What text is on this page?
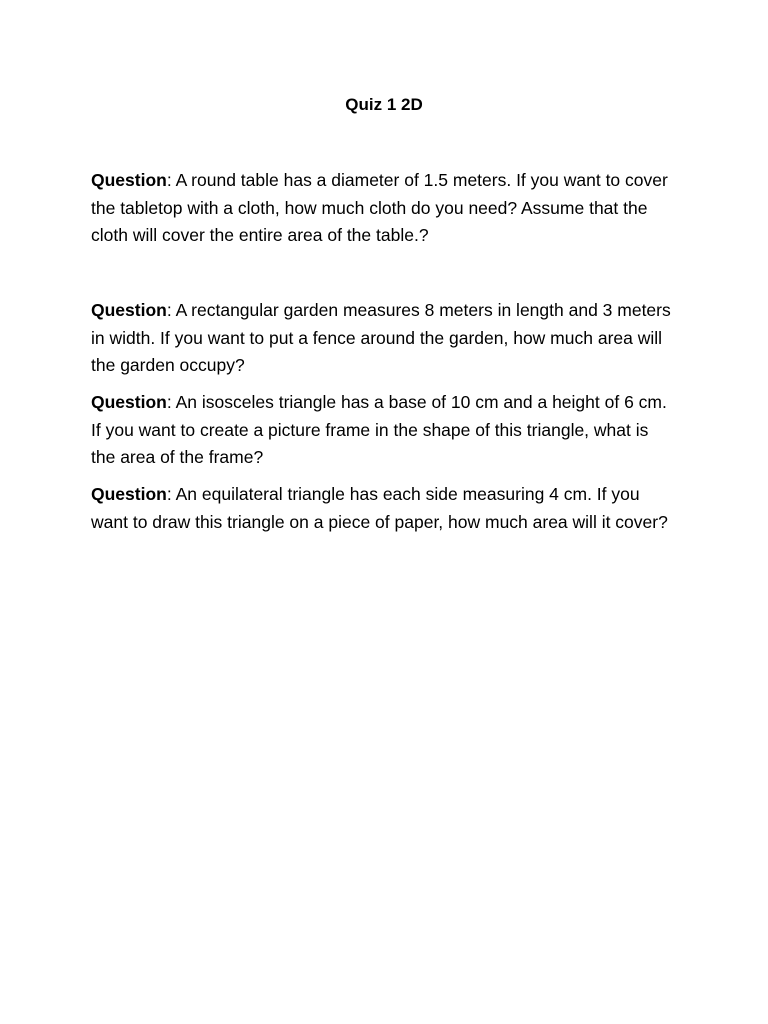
Quiz 1 2D

Question: A round table has a diameter of 1.5 meters. If you want to cover the tabletop with a cloth, how much cloth do you need? Assume that the cloth will cover the entire area of the table.?

Question: A rectangular garden measures 8 meters in length and 3 meters in width. If you want to put a fence around the garden, how much area will the garden occupy?

Question: An isosceles triangle has a base of 10 cm and a height of 6 cm. If you want to create a picture frame in the shape of this triangle, what is the area of the frame?

Question: An equilateral triangle has each side measuring 4 cm. If you want to draw this triangle on a piece of paper, how much area will it cover?
